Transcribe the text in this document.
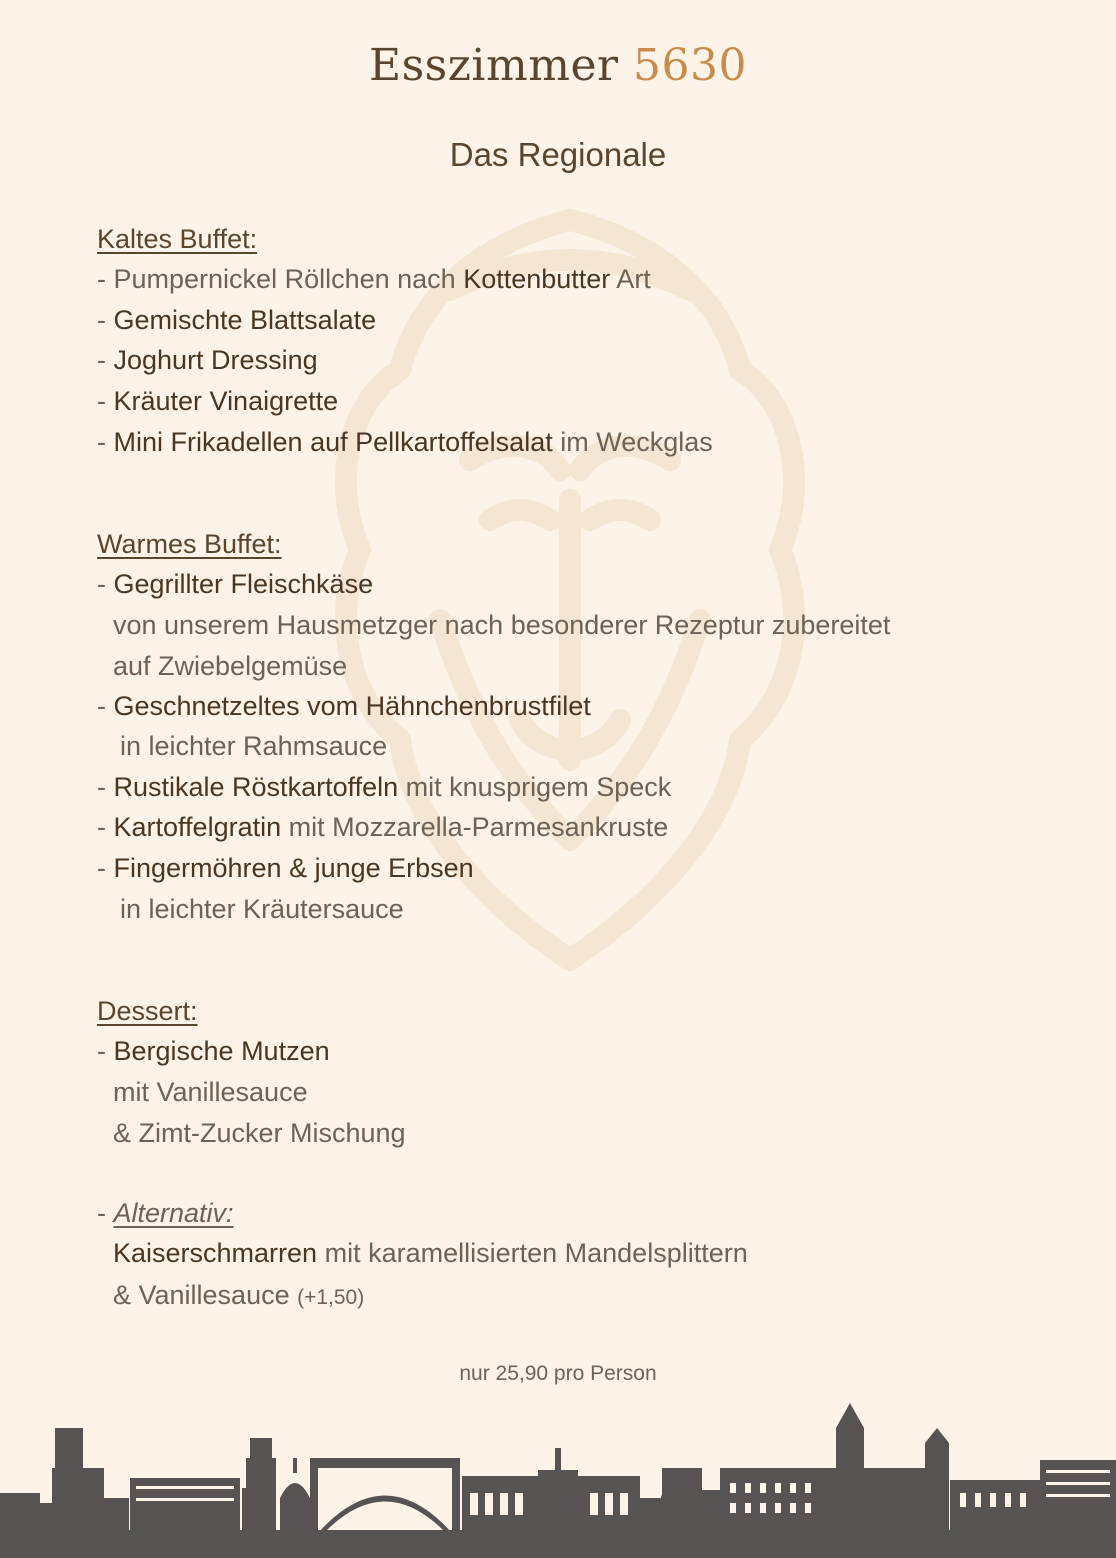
Esszimmer 5630
Das Regionale
Kaltes Buffet:
- Pumpernickel Röllchen nach Kottenbutter Art
- Gemischte Blattsalate
- Joghurt Dressing
- Kräuter Vinaigrette
- Mini Frikadellen auf Pellkartoffelsalat im Weckglas
Warmes Buffet:
- Gegrillter Fleischkäse
von unserem Hausmetzger nach besonderer Rezeptur zubereitet
auf Zwiebelgemüse
- Geschnetzeltes vom Hähnchenbrustfilet
in leichter Rahmsauce
- Rustikale Röstkartoffeln mit knusprigem Speck
- Kartoffelgratin mit Mozzarella-Parmesankruste
- Fingermöhren & junge Erbsen
in leichter Kräutersauce
Dessert:
- Bergische Mutzen
mit Vanillesauce
& Zimt-Zucker Mischung
- Alternativ:
Kaiserschmarren mit karamellisierten Mandelsplittern
& Vanillesauce (+1,50)
nur 25,90 pro Person
